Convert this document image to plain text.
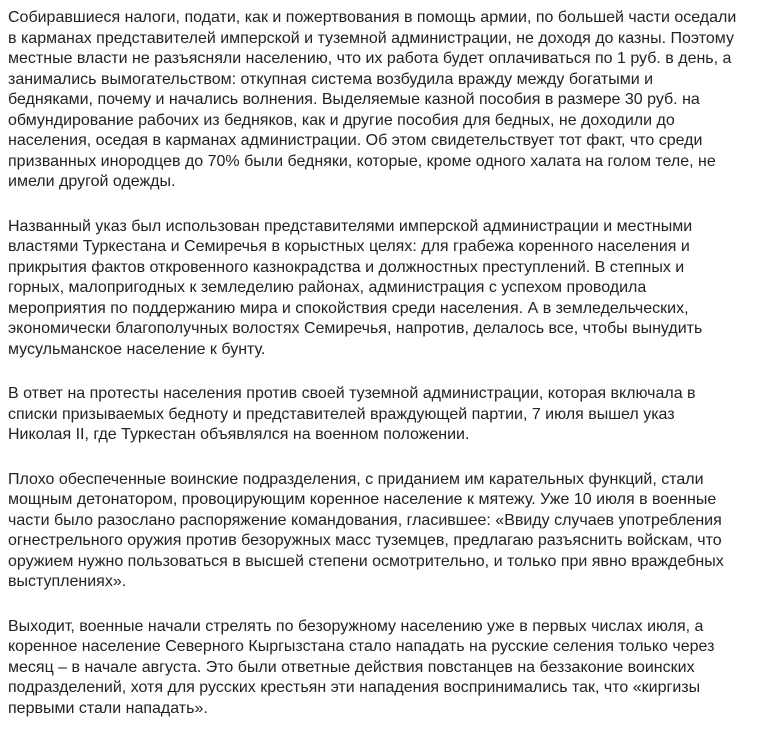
Собиравшиеся налоги, подати, как и пожертвования в помощь армии, по большей части оседали
в карманах представителей имперской и туземной администрации, не доходя до казны. Поэтому
местные власти не разъясняли населению, что их работа будет оплачиваться по 1 руб. в день, а
занимались вымогательством: откупная система возбудила вражду между богатыми и
бедняками, почему и начались волнения. Выделяемые казной пособия в размере 30 руб. на
обмундирование рабочих из бедняков, как и другие пособия для бедных, не доходили до
населения, оседая в карманах администрации. Об этом свидетельствует тот факт, что среди
призванных инородцев до 70% были бедняки, которые, кроме одного халата на голом теле, не
имели другой одежды.

Названный указ был использован представителями имперской администрации и местными
властями Туркестана и Семиречья в корыстных целях: для грабежа коренного населения и
прикрытия фактов откровенного казнокрадства и должностных преступлений. В степных и
горных, малопригодных к земледелию районах, администрация с успехом проводила
мероприятия по поддержанию мира и спокойствия среди населения. А в земледельческих,
экономически благополучных волостях Семиречья, напротив, делалось все, чтобы вынудить
мусульманское население к бунту.

В ответ на протесты населения против своей туземной администрации, которая включала в
списки призываемых бедноту и представителей враждующей партии, 7 июля вышел указ
Николая II, где Туркестан объявлялся на военном положении.

Плохо обеспеченные воинские подразделения, с приданием им карательных функций, стали
мощным детонатором, провоцирующим коренное население к мятежу. Уже 10 июля в военные
части было разослано распоряжение командования, гласившее: «Ввиду случаев употребления
огнестрельного оружия против безоружных масс туземцев, предлагаю разъяснить войскам, что
оружием нужно пользоваться в высшей степени осмотрительно, и только при явно враждебных
выступлениях».

Выходит, военные начали стрелять по безоружному населению уже в первых числах июля, а
коренное население Северного Кыргызстана стало нападать на русские селения только через
месяц – в начале августа. Это были ответные действия повстанцев на беззаконие воинских
подразделений, хотя для русских крестьян эти нападения воспринимались так, что «киргизы
первыми стали нападать».
